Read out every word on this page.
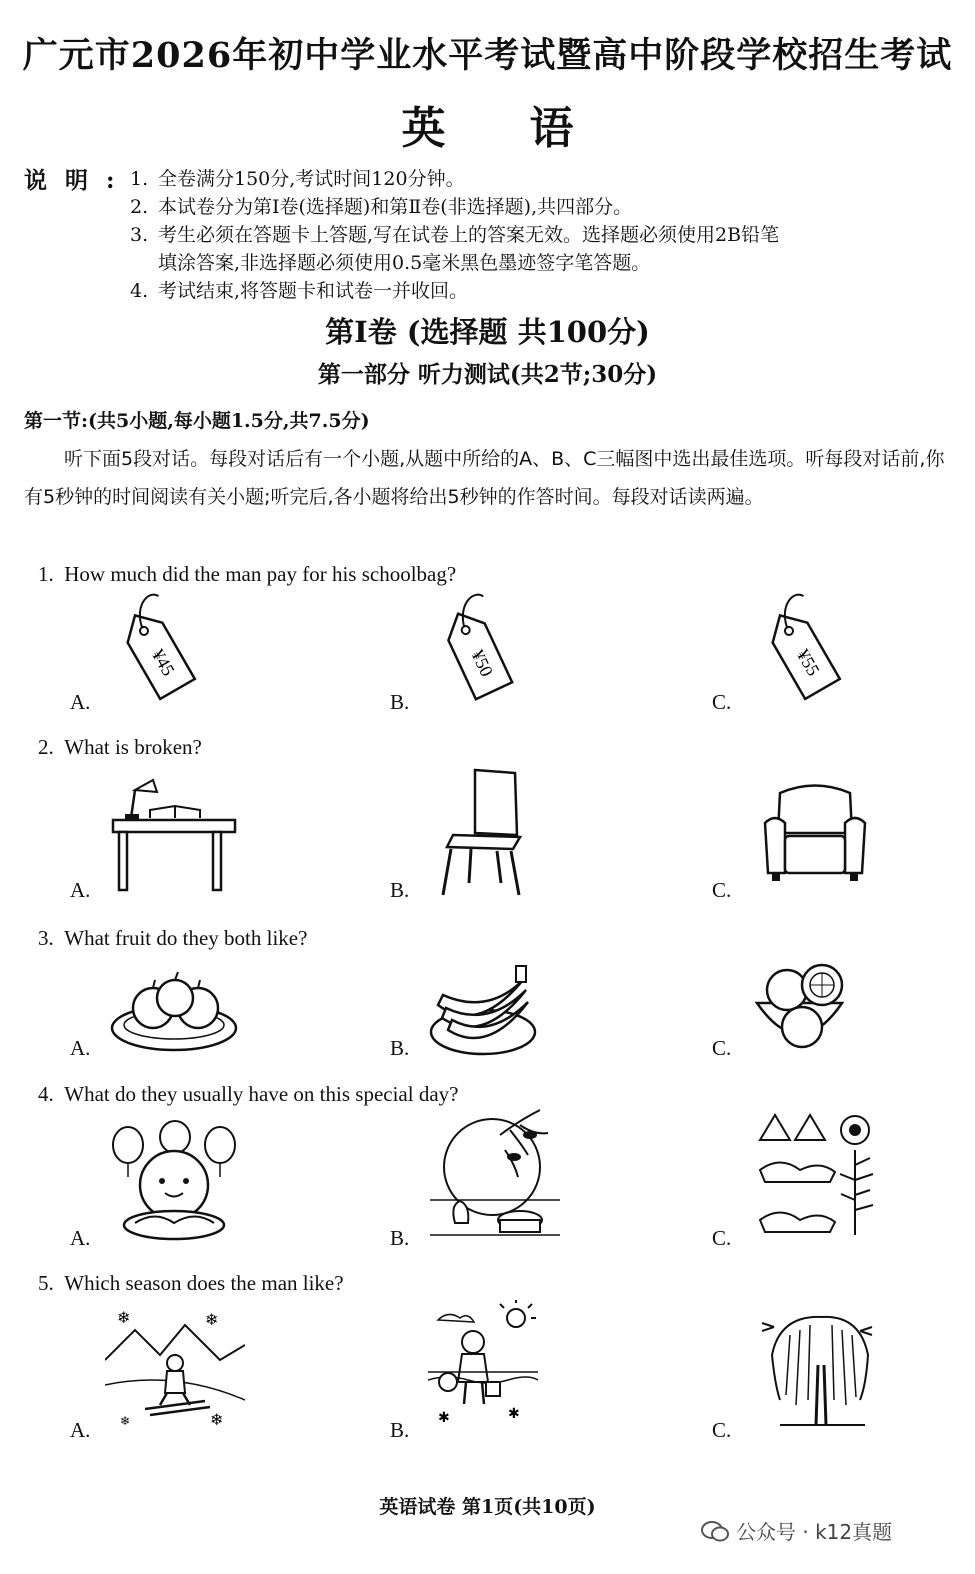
广元市2026年初中学业水平考试暨高中阶段学校招生考试
英语
说明:
1. 全卷满分150分,考试时间120分钟。
2. 本试卷分为第Ⅰ卷(选择题)和第Ⅱ卷(非选择题),共四部分。
3. 考生必须在答题卡上答题,写在试卷上的答案无效。选择题必须使用2B铅笔
填涂答案,非选择题必须使用0.5毫米黑色墨迹签字笔答题。
4. 考试结束,将答题卡和试卷一并收回。
第Ⅰ卷 (选择题 共100分)
第一部分 听力测试(共2节;30分)
第一节:(共5小题,每小题1.5分,共7.5分)
听下面5段对话。每段对话后有一个小题,从题中所给的A、B、C三幅图中选出最佳选项。听每段对话前,你有5秒钟的时间阅读有关小题;听完后,各小题将给出5秒钟的作答时间。每段对话读两遍。
1. How much did the man pay for his schoolbag?
A.	B.	C.
¥45	¥50	¥55
2. What is broken?
A.	B.	C.
3. What fruit do they both like?
A.	B.	C.
4. What do they usually have on this special day?
A.	B.	C.
5. Which season does the man like?
A.	B.	C.
❄	❄
❄
❄	✱	✱
英语试卷 第1页(共10页)
公众号 · k12真题
